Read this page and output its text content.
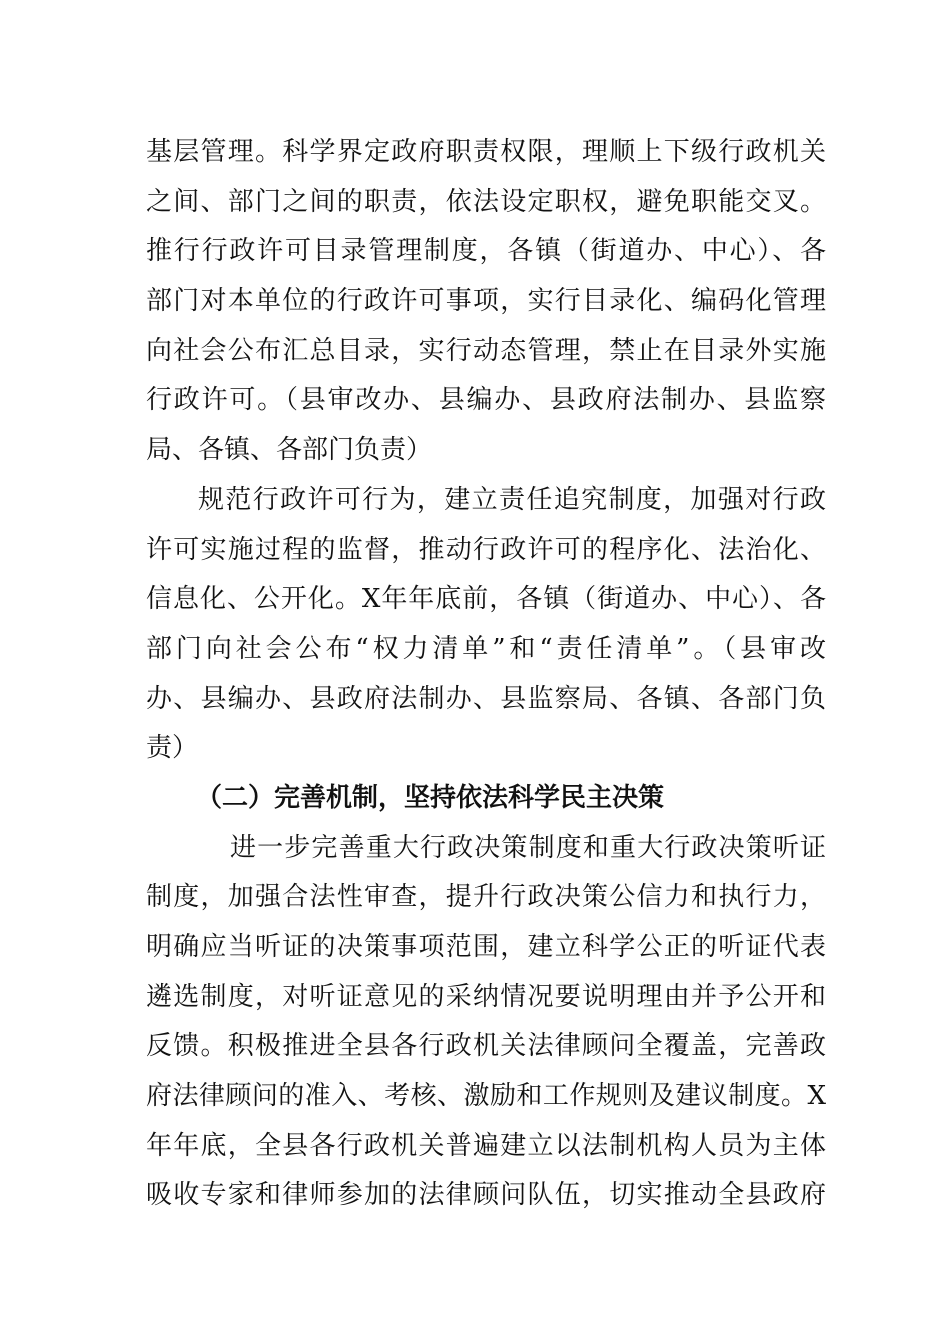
基层管理。科学界定政府职责权限，理顺上下级行政机关
之间、部门之间的职责，依法设定职权，避免职能交叉。
推行行政许可目录管理制度，各镇（街道办、中心）、各
部门对本单位的行政许可事项，实行目录化、编码化管理
向社会公布汇总目录，实行动态管理，禁止在目录外实施
行政许可。（县审改办、县编办、县政府法制办、县监察
局、各镇、各部门负责）
规范行政许可行为，建立责任追究制度，加强对行政
许可实施过程的监督，推动行政许可的程序化、法治化、
信息化、公开化。X年年底前，各镇（街道办、中心）、各
部门向社会公布“权力清单”和“责任清单”。（县审改
办、县编办、县政府法制办、县监察局、各镇、各部门负
责）
（二）完善机制，坚持依法科学民主决策
进一步完善重大行政决策制度和重大行政决策听证
制度，加强合法性审查，提升行政决策公信力和执行力，
明确应当听证的决策事项范围，建立科学公正的听证代表
遴选制度，对听证意见的采纳情况要说明理由并予公开和
反馈。积极推进全县各行政机关法律顾问全覆盖，完善政
府法律顾问的准入、考核、激励和工作规则及建议制度。X
年年底，全县各行政机关普遍建立以法制机构人员为主体
吸收专家和律师参加的法律顾问队伍，切实推动全县政府
